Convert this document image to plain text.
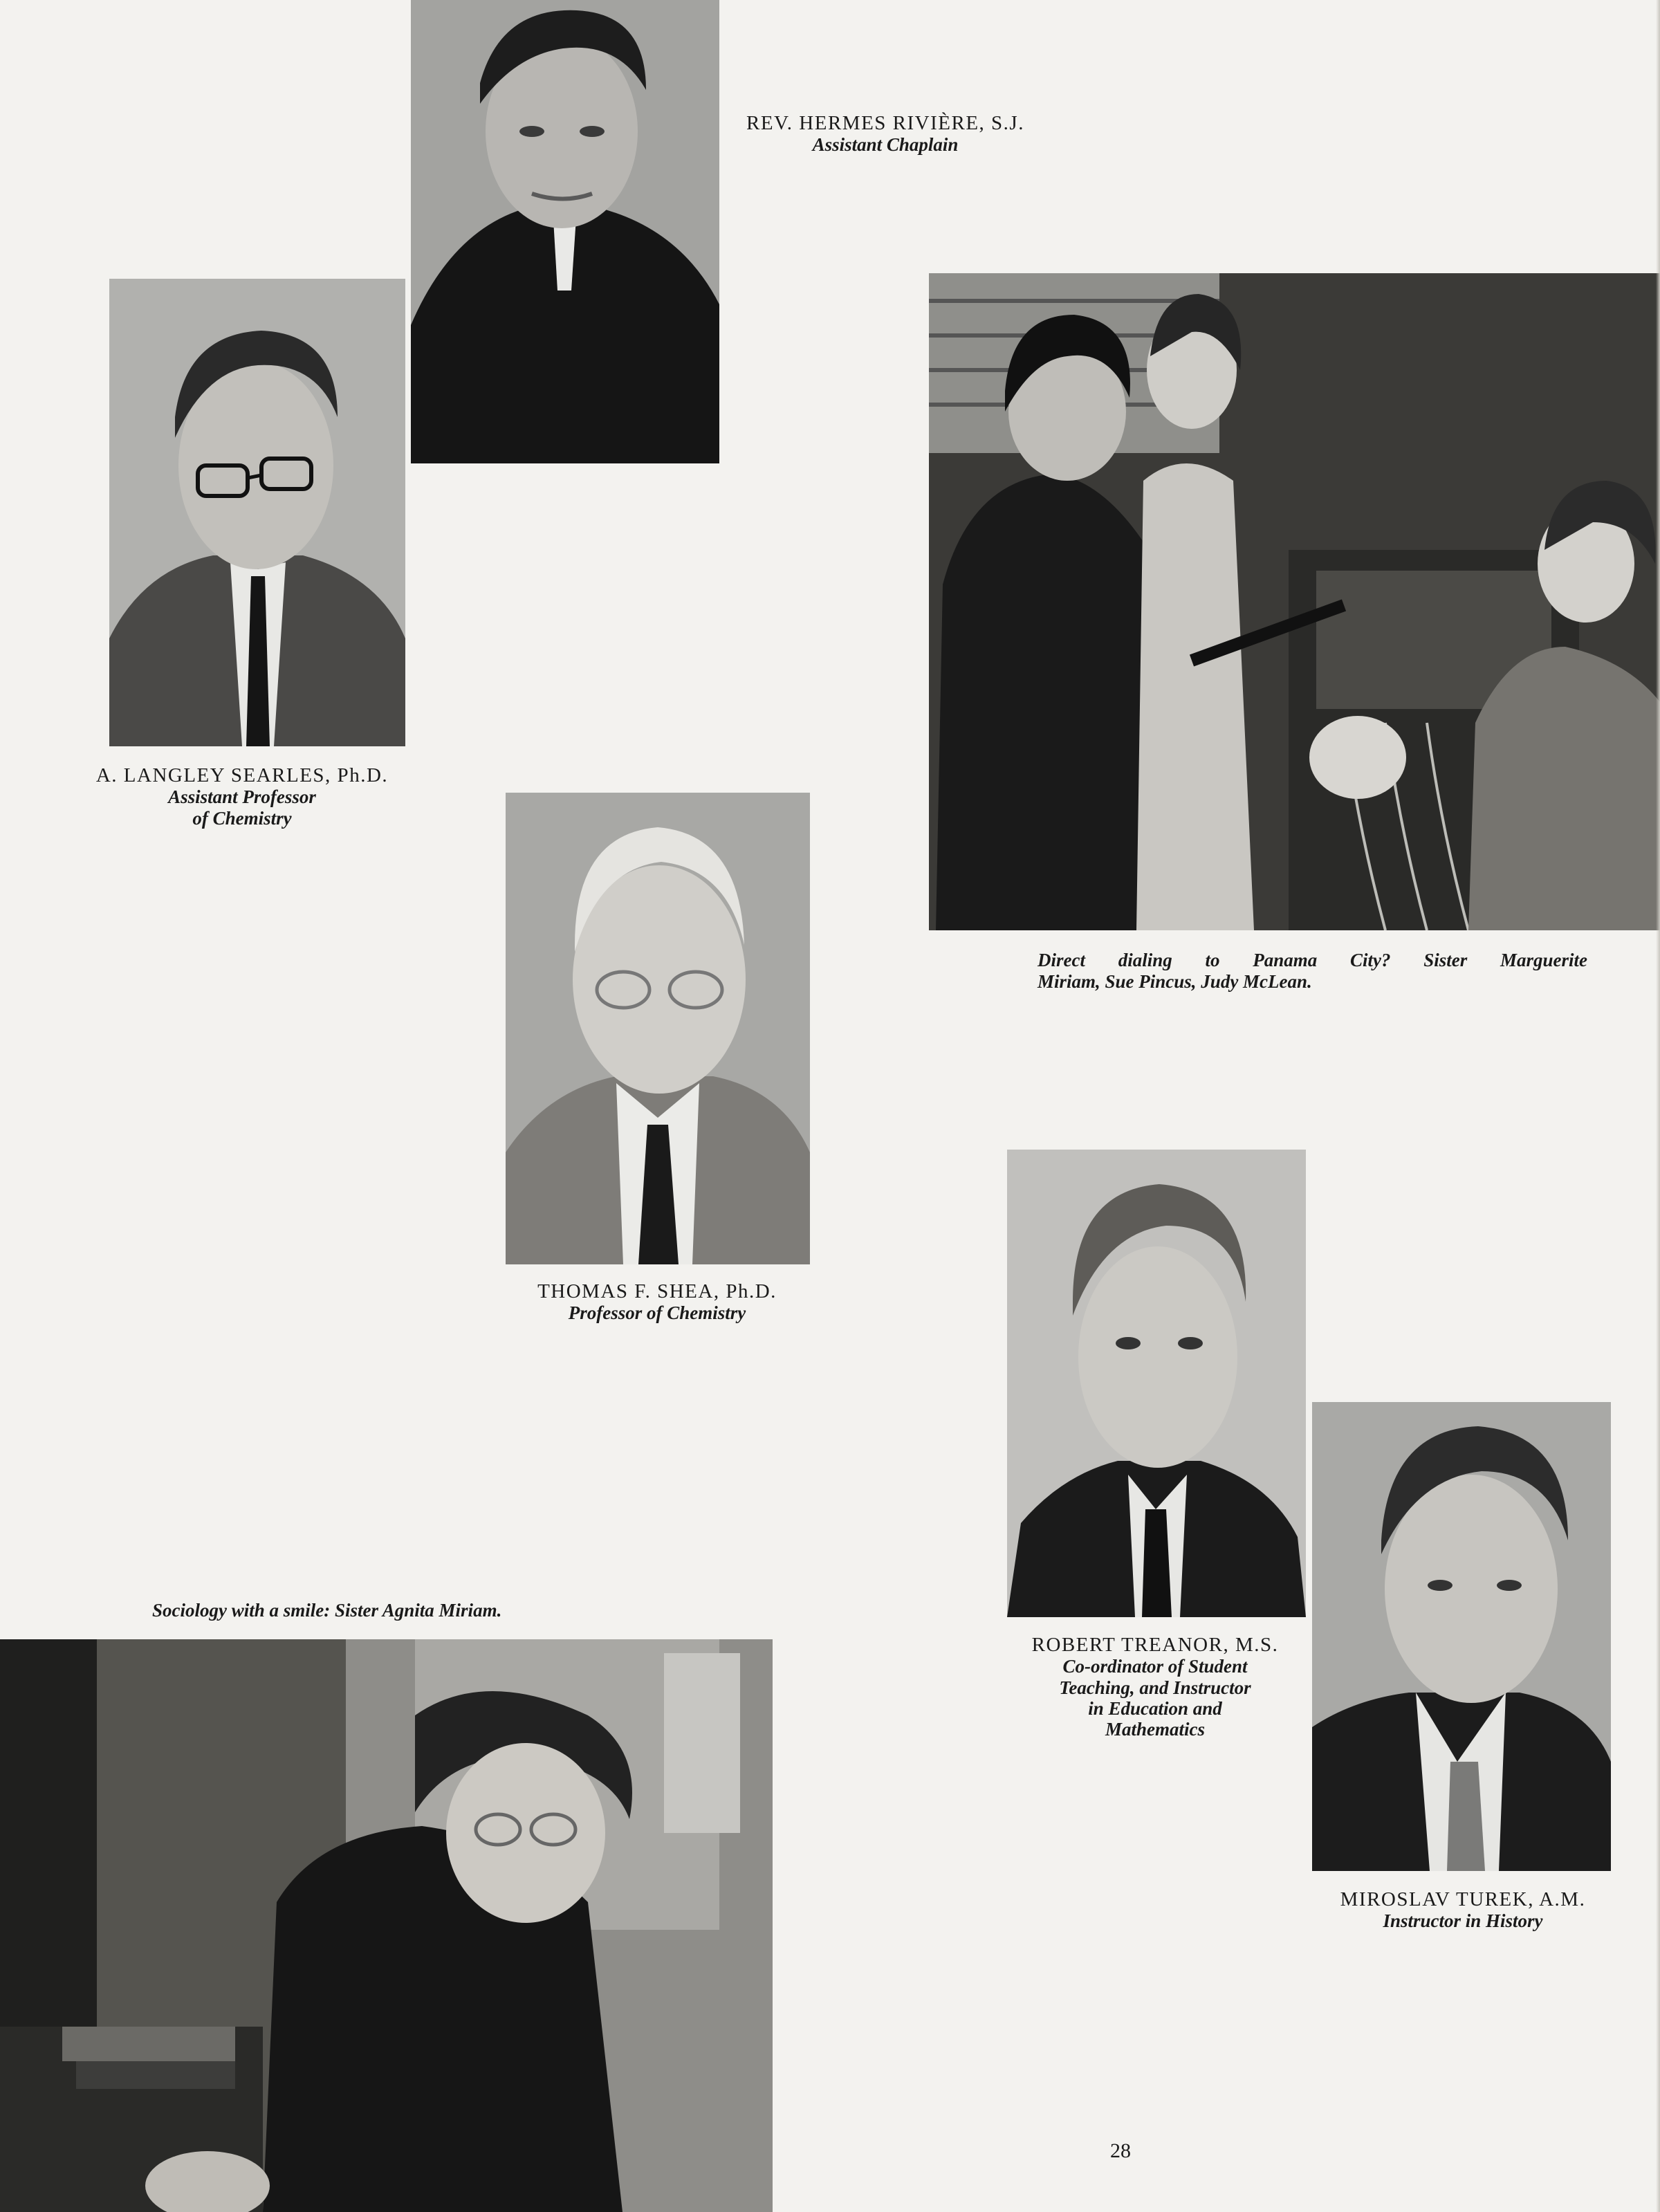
REV. HERMES RIVIÈRE, S.J.
Assistant Chaplain
A. LANGLEY SEARLES, Ph.D.
Assistant Professor
of Chemistry
Direct dialing to Panama City? Sister Marguerite
Miriam, Sue Pincus, Judy McLean.
THOMAS F. SHEA, Ph.D.
Professor of Chemistry
ROBERT TREANOR, M.S.
Co-ordinator of Student
Teaching, and Instructor
in Education and
Mathematics
MIROSLAV TUREK, A.M.
Instructor in History
Sociology with a smile: Sister Agnita Miriam.
28
